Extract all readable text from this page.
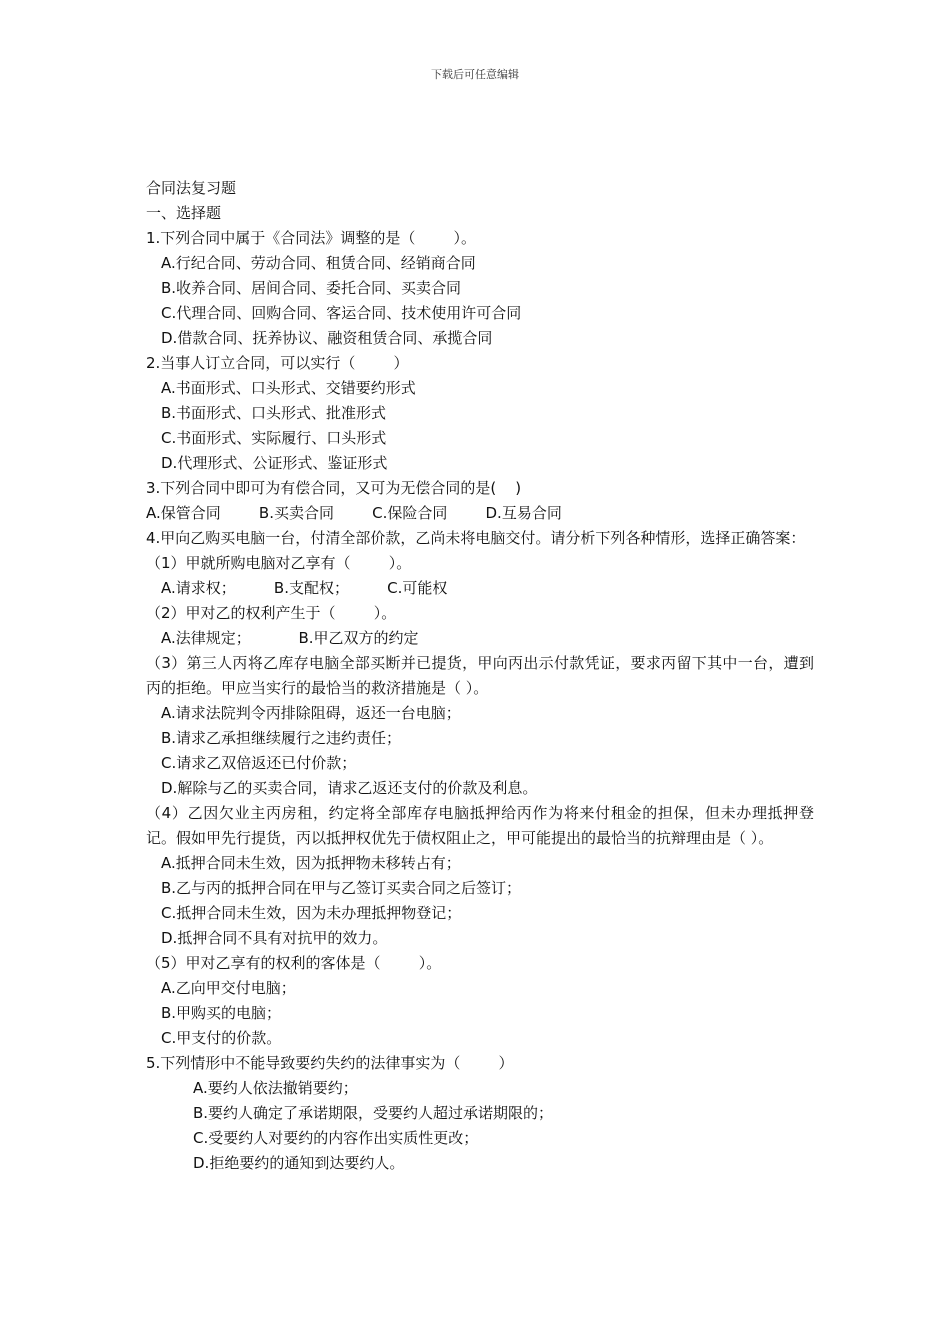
下载后可任意编辑

合同法复习题

一、选择题

1.下列合同中属于《合同法》调整的是（        ）。

A.行纪合同、劳动合同、租赁合同、经销商合同

B.收养合同、居间合同、委托合同、买卖合同

C.代理合同、回购合同、客运合同、技术使用许可合同

D.借款合同、抚养协议、融资租赁合同、承揽合同

2.当事人订立合同，可以实行（        ）

A.书面形式、口头形式、交错要约形式

B.书面形式、口头形式、批准形式

C.书面形式、实际履行、口头形式

D.代理形式、公证形式、鉴证形式

3.下列合同中即可为有偿合同，又可为无偿合同的是(    )

A.保管合同        B.买卖合同        C.保险合同        D.互易合同

4.甲向乙购买电脑一台，付清全部价款，乙尚未将电脑交付。请分析下列各种情形，选择正确答案：

（1）甲就所购电脑对乙享有（        ）。

A.请求权；        B.支配权；        C.可能权

（2）甲对乙的权利产生于（        ）。

A.法律规定；          B.甲乙双方的约定

（3）第三人丙将乙库存电脑全部买断并已提货，甲向丙出示付款凭证，要求丙留下其中一台，遭到丙的拒绝。甲应当实行的最恰当的救济措施是（ ）。

A.请求法院判令丙排除阻碍，返还一台电脑；

B.请求乙承担继续履行之违约责任；

C.请求乙双倍返还已付价款；

D.解除与乙的买卖合同，请求乙返还支付的价款及利息。

（4）乙因欠业主丙房租，约定将全部库存电脑抵押给丙作为将来付租金的担保，但未办理抵押登记。假如甲先行提货，丙以抵押权优先于债权阻止之，甲可能提出的最恰当的抗辩理由是（ ）。

A.抵押合同未生效，因为抵押物未移转占有；

B.乙与丙的抵押合同在甲与乙签订买卖合同之后签订；

C.抵押合同未生效，因为未办理抵押物登记；

D.抵押合同不具有对抗甲的效力。

（5）甲对乙享有的权利的客体是（        ）。

A.乙向甲交付电脑；

B.甲购买的电脑；

C.甲支付的价款。

5.下列情形中不能导致要约失约的法律事实为（        ）

A.要约人依法撤销要约；

B.要约人确定了承诺期限，受要约人超过承诺期限的；

C.受要约人对要约的内容作出实质性更改；

D.拒绝要约的通知到达要约人。
